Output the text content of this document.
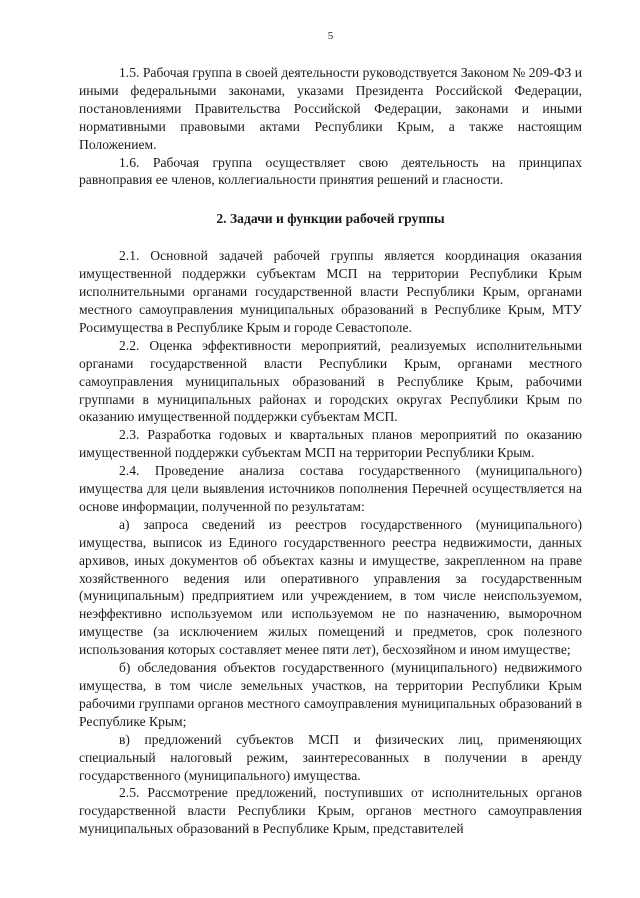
5

1.5. Рабочая группа в своей деятельности руководствуется Законом № 209-ФЗ и иными федеральными законами, указами Президента Российской Федерации, постановлениями Правительства Российской Федерации, законами и иными нормативными правовыми актами Республики Крым, а также настоящим Положением.

1.6. Рабочая группа осуществляет свою деятельность на принципах равноправия ее членов, коллегиальности принятия решений и гласности.

2. Задачи и функции рабочей группы

2.1. Основной задачей рабочей группы является координация оказания имущественной поддержки субъектам МСП на территории Республики Крым исполнительными органами государственной власти Республики Крым, органами местного самоуправления муниципальных образований в Республике Крым, МТУ Росимущества в Республике Крым и городе Севастополе.

2.2. Оценка эффективности мероприятий, реализуемых исполнительными органами государственной власти Республики Крым, органами местного самоуправления муниципальных образований в Республике Крым, рабочими группами в муниципальных районах и городских округах Республики Крым по оказанию имущественной поддержки субъектам МСП.

2.3. Разработка годовых и квартальных планов мероприятий по оказанию имущественной поддержки субъектам МСП на территории Республики Крым.

2.4. Проведение анализа состава государственного (муниципального) имущества для цели выявления источников пополнения Перечней осуществляется на основе информации, полученной по результатам:

а) запроса сведений из реестров государственного (муниципального) имущества, выписок из Единого государственного реестра недвижимости, данных архивов, иных документов об объектах казны и имуществе, закрепленном на праве хозяйственного ведения или оперативного управления за государственным (муниципальным) предприятием или учреждением, в том числе неиспользуемом, неэффективно используемом или используемом не по назначению, выморочном имуществе (за исключением жилых помещений и предметов, срок полезного использования которых составляет менее пяти лет), бесхозяйном и ином имуществе;

б) обследования объектов государственного (муниципального) недвижимого имущества, в том числе земельных участков, на территории Республики Крым рабочими группами органов местного самоуправления муниципальных образований в Республике Крым;

в) предложений субъектов МСП и физических лиц, применяющих специальный налоговый режим, заинтересованных в получении в аренду государственного (муниципального) имущества.

2.5. Рассмотрение предложений, поступивших от исполнительных органов государственной власти Республики Крым, органов местного самоуправления муниципальных образований в Республике Крым, представителей
